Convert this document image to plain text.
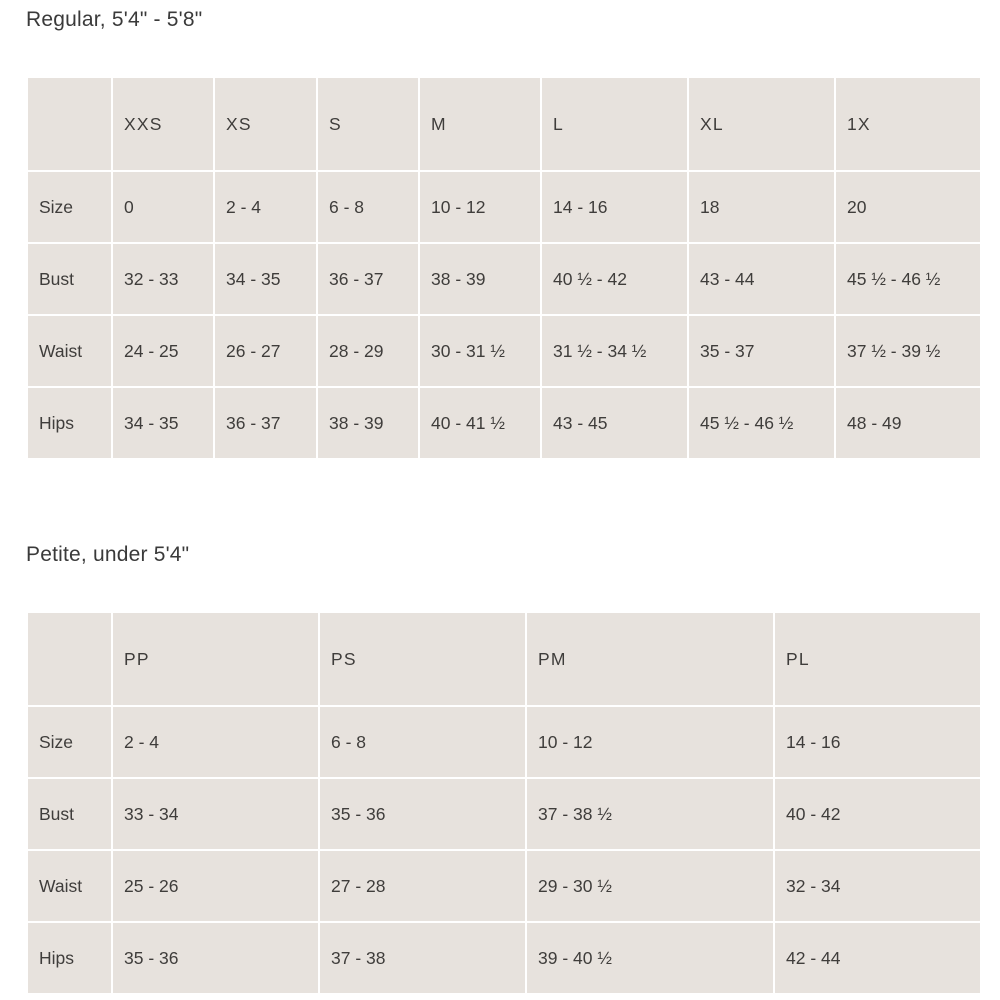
Regular, 5'4" - 5'8"
	XXS	XS	S	M	L	XL	1X
Size	0	2 - 4	6 - 8	10 - 12	14 - 16	18	20
Bust	32 - 33	34 - 35	36 - 37	38 - 39	40 ½ - 42	43 - 44	45 ½ - 46 ½
Waist	24 - 25	26 - 27	28 - 29	30 - 31 ½	31 ½ - 34 ½	35 - 37	37 ½ - 39 ½
Hips	34 - 35	36 - 37	38 - 39	40 - 41 ½	43 - 45	45 ½ - 46 ½	48 - 49
Petite, under 5'4"
	PP	PS	PM	PL
Size	2 - 4	6 - 8	10 - 12	14 - 16
Bust	33 - 34	35 - 36	37 - 38 ½	40 - 42
Waist	25 - 26	27 - 28	29 - 30 ½	32 - 34
Hips	35 - 36	37 - 38	39 - 40 ½	42 - 44
